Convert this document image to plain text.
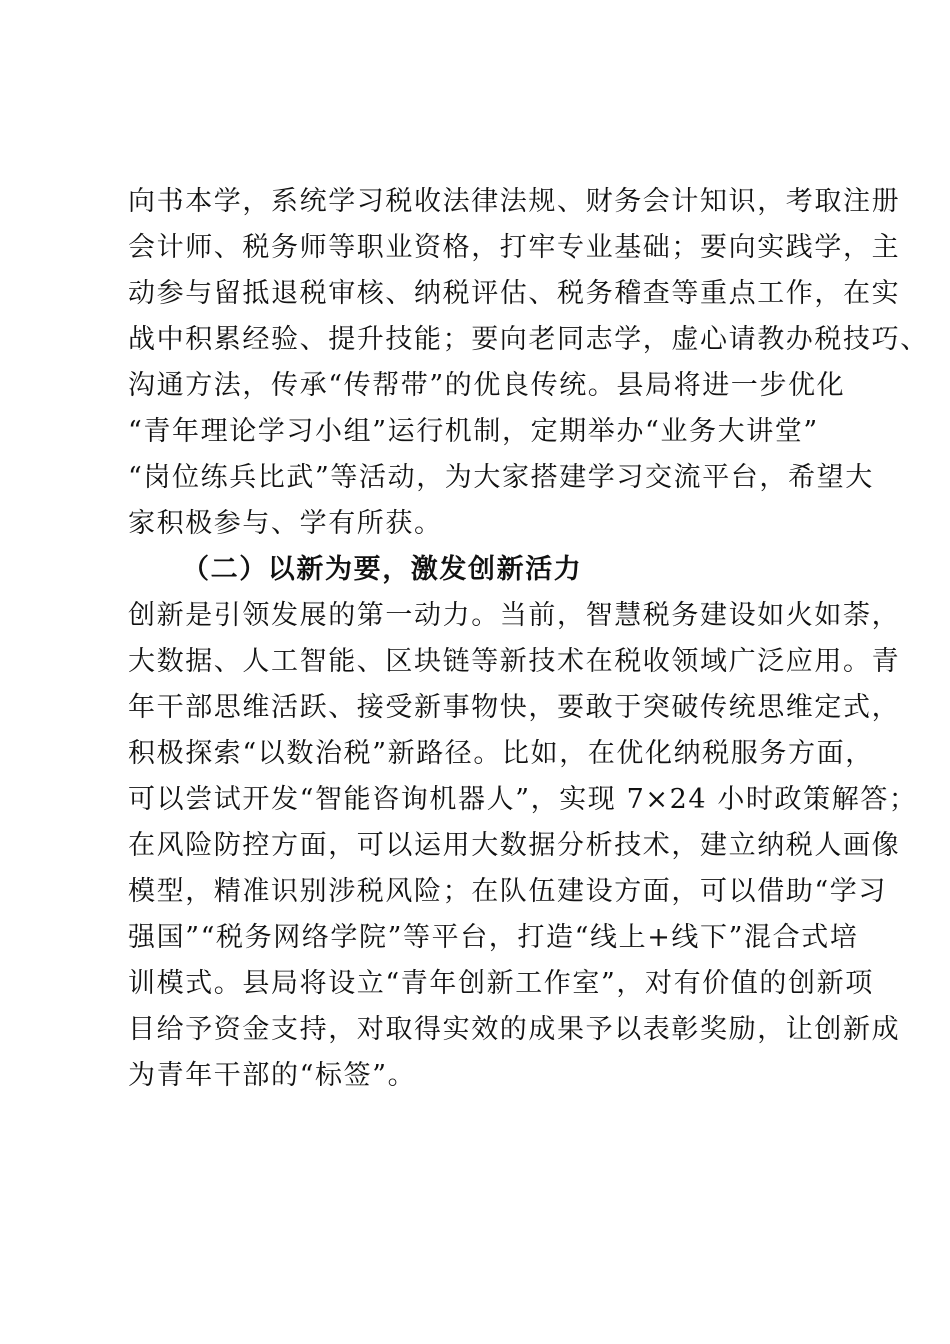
向书本学，系统学习税收法律法规、财务会计知识，考取注册
会计师、税务师等职业资格，打牢专业基础；要向实践学，主
动参与留抵退税审核、纳税评估、税务稽查等重点工作，在实
战中积累经验、提升技能；要向老同志学，虚心请教办税技巧、
沟通方法，传承“传帮带”的优良传统。县局将进一步优化
“青年理论学习小组”运行机制，定期举办“业务大讲堂”
“岗位练兵比武”等活动，为大家搭建学习交流平台，希望大
家积极参与、学有所获。
（二）以新为要，激发创新活力
创新是引领发展的第一动力。当前，智慧税务建设如火如荼，
大数据、人工智能、区块链等新技术在税收领域广泛应用。青
年干部思维活跃、接受新事物快，要敢于突破传统思维定式，
积极探索“以数治税”新路径。比如，在优化纳税服务方面，
可以尝试开发“智能咨询机器人”，实现 7×24 小时政策解答；
在风险防控方面，可以运用大数据分析技术，建立纳税人画像
模型，精准识别涉税风险；在队伍建设方面，可以借助“学习
强国”“税务网络学院”等平台，打造“线上+线下”混合式培
训模式。县局将设立“青年创新工作室”，对有价值的创新项
目给予资金支持，对取得实效的成果予以表彰奖励，让创新成
为青年干部的“标签”。
